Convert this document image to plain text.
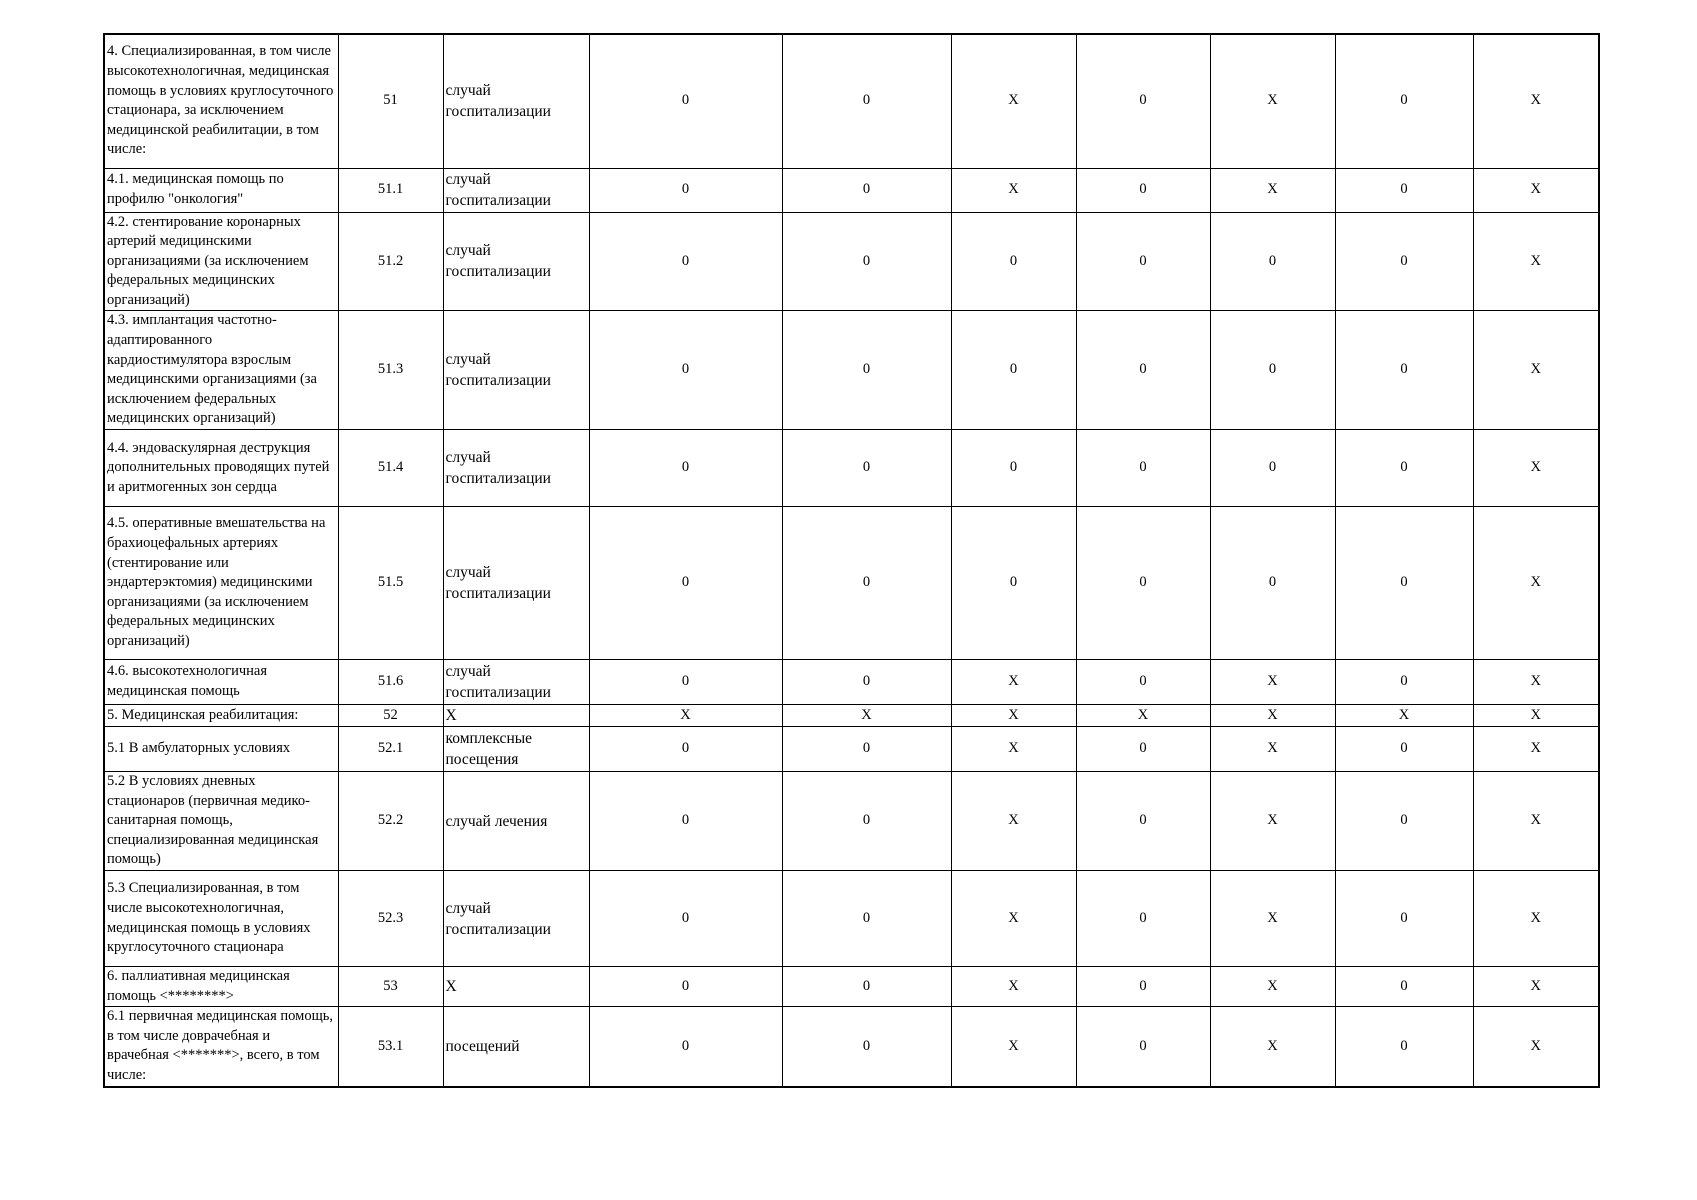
4. Специализированная, в том числе высокотехнологичная, медицинская помощь в условиях круглосуточного стационара, за исключением медицинской реабилитации, в том числе:	51	случай госпитализации	0	0	X	0	X	0	X
4.1. медицинская помощь по профилю "онкология"	51.1	случай госпитализации	0	0	X	0	X	0	X
4.2. стентирование коронарных артерий медицинскими организациями (за исключением федеральных медицинских организаций)	51.2	случай госпитализации	0	0	0	0	0	0	X
4.3. имплантация частотно-адаптированного кардиостимулятора взрослым медицинскими организациями (за исключением федеральных медицинских организаций)	51.3	случай госпитализации	0	0	0	0	0	0	X
4.4. эндоваскулярная деструкция дополнительных проводящих путей и аритмогенных зон сердца	51.4	случай госпитализации	0	0	0	0	0	0	X
4.5. оперативные вмешательства на брахиоцефальных артериях (стентирование или эндартерэктомия) медицинскими организациями (за исключением федеральных медицинских организаций)	51.5	случай госпитализации	0	0	0	0	0	0	X
4.6. высокотехнологичная медицинская помощь	51.6	случай госпитализации	0	0	X	0	X	0	X
5. Медицинская реабилитация:	52	X	X	X	X	X	X	X	X
5.1 В амбулаторных условиях	52.1	комплексные посещения	0	0	X	0	X	0	X
5.2 В условиях дневных стационаров (первичная медико-санитарная помощь, специализированная медицинская помощь)	52.2	случай лечения	0	0	X	0	X	0	X
5.3 Специализированная, в том числе высокотехнологичная, медицинская помощь в условиях круглосуточного стационара	52.3	случай госпитализации	0	0	X	0	X	0	X
6. паллиативная медицинская помощь <********>	53	X	0	0	X	0	X	0	X
6.1 первичная медицинская помощь, в том числе доврачебная и врачебная <*******>, всего, в том числе:	53.1	посещений	0	0	X	0	X	0	X
